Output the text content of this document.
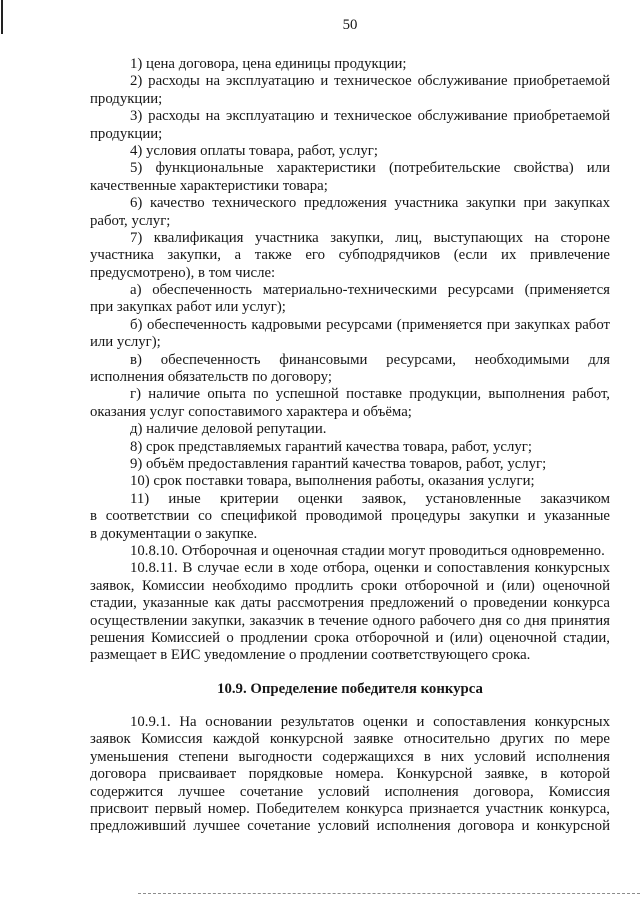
50
1) цена договора, цена единицы продукции;
2) расходы на эксплуатацию и техническое обслуживание приобретаемой
продукции;
3) расходы на эксплуатацию и техническое обслуживание приобретаемой
продукции;
4) условия оплаты товара, работ, услуг;
5) функциональные характеристики (потребительские свойства) или
качественные характеристики товара;
6) качество технического предложения участника закупки при закупках
работ, услуг;
7) квалификация участника закупки, лиц, выступающих на стороне
участника закупки, а также его субподрядчиков (если их привлечение
предусмотрено), в том числе:
а) обеспеченность материально-техническими ресурсами (применяется
при закупках работ или услуг);
б) обеспеченность кадровыми ресурсами (применяется при закупках работ
или услуг);
в) обеспеченность финансовыми ресурсами, необходимыми для
исполнения обязательств по договору;
г) наличие опыта по успешной поставке продукции, выполнения работ,
оказания услуг сопоставимого характера и объёма;
д) наличие деловой репутации.
8) срок представляемых гарантий качества товара, работ, услуг;
9) объём предоставления гарантий качества товаров, работ, услуг;
10) срок поставки товара, выполнения работы, оказания услуги;
11) иные критерии оценки заявок, установленные заказчиком
в соответствии со спецификой проводимой процедуры закупки и указанные
в документации о закупке.
10.8.10. Отборочная и оценочная стадии могут проводиться одновременно.
10.8.11. В случае если в ходе отбора, оценки и сопоставления конкурсных
заявок, Комиссии необходимо продлить сроки отборочной и (или) оценочной
стадии, указанные как даты рассмотрения предложений о проведении конкурса
осуществлении закупки, заказчик в течение одного рабочего дня со дня принятия
решения Комиссией о продлении срока отборочной и (или) оценочной стадии,
размещает в ЕИС уведомление о продлении соответствующего срока.
10.9. Определение победителя конкурса
10.9.1. На основании результатов оценки и сопоставления конкурсных
заявок Комиссия каждой конкурсной заявке относительно других по мере
уменьшения степени выгодности содержащихся в них условий исполнения
договора присваивает порядковые номера. Конкурсной заявке, в которой
содержится лучшее сочетание условий исполнения договора, Комиссия
присвоит первый номер. Победителем конкурса признается участник конкурса,
предложивший лучшее сочетание условий исполнения договора и конкурсной
